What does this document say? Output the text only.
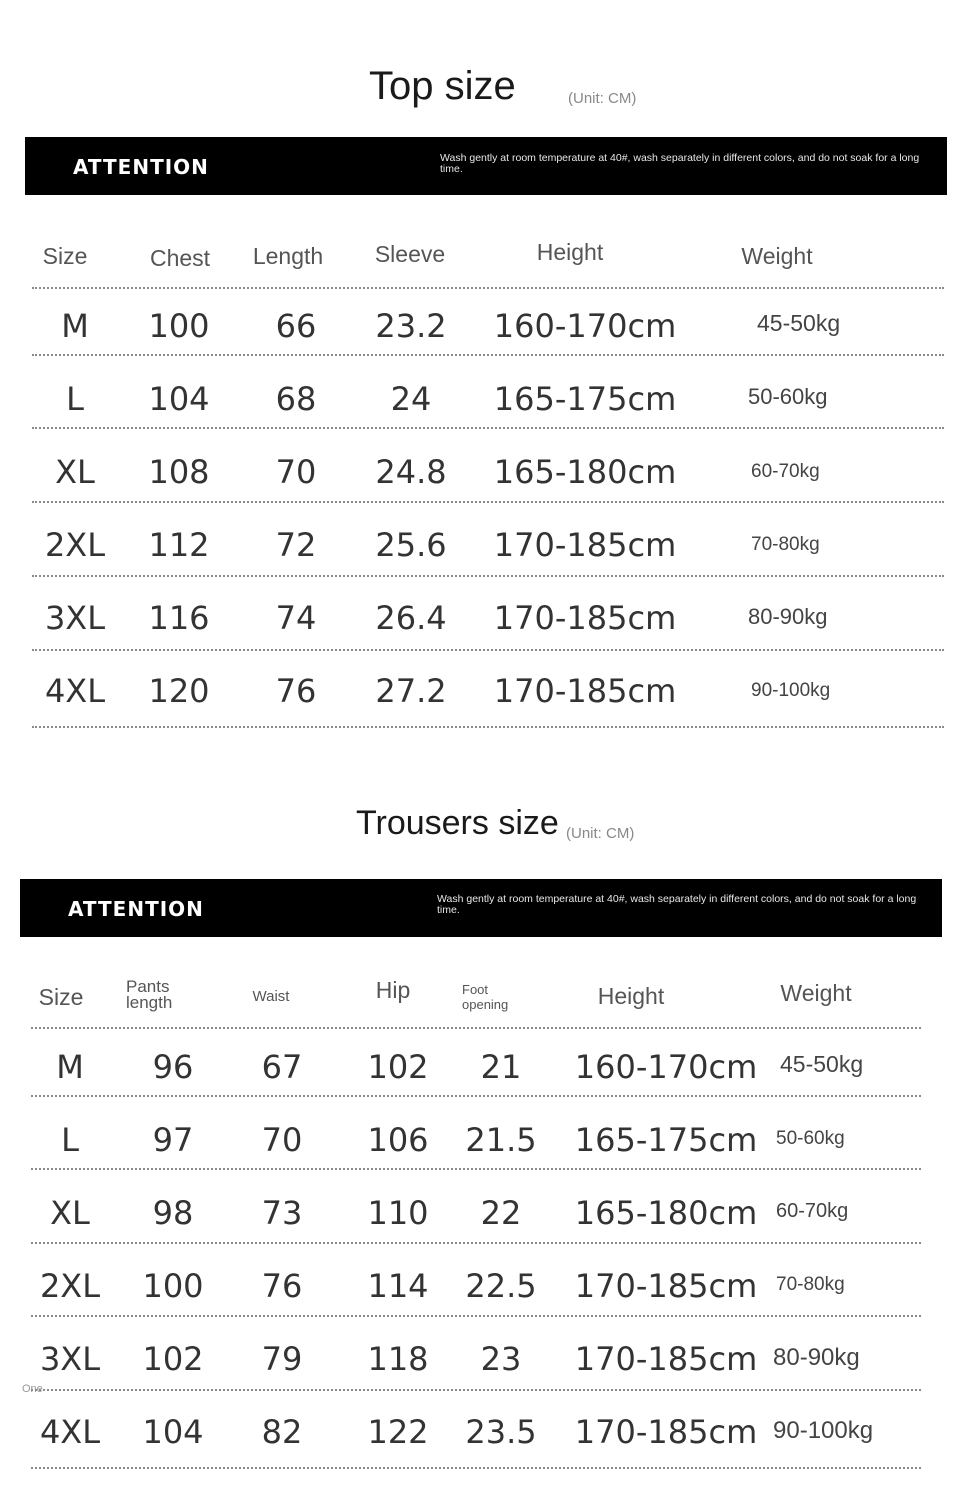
Top size	(Unit: CM)
ATTENTION	Wash gently at room temperature at 40#, wash separately in different colors, and do not soak for a long time.
Size	Chest Length Sleeve	Height	Weight
M 100 66 23.2 160-170cm	45-50kg
L 104 68 24 165-175cm	50-60kg
XL 108 70 24.8 165-180cm	60-70kg
2XL 112 72 25.6 170-185cm	70-80kg
3XL 116 74 26.4 170-185cm	80-90kg
4XL 120 76 27.2 170-185cm	90-100kg
Trousers size (Unit: CM)
ATTENTION	Wash gently at room temperature at 40#, wash separately in different colors, and do not soak for a long time.
Size	Pants length	Waist	Hip	Foot opening	Height	Weight
M 96 67 102 21 160-170cm 45-50kg
L 97 70 106 21.5 165-175cm 50-60kg
XL 98 73 110 22 165-180cm 60-70kg
2XL 100 76 114 22.5 170-185cm 70-80kg
3XL 102 79 118 23 170-185cm 80-90kg
One
4XL 104 82 122 23.5 170-185cm 90-100kg
